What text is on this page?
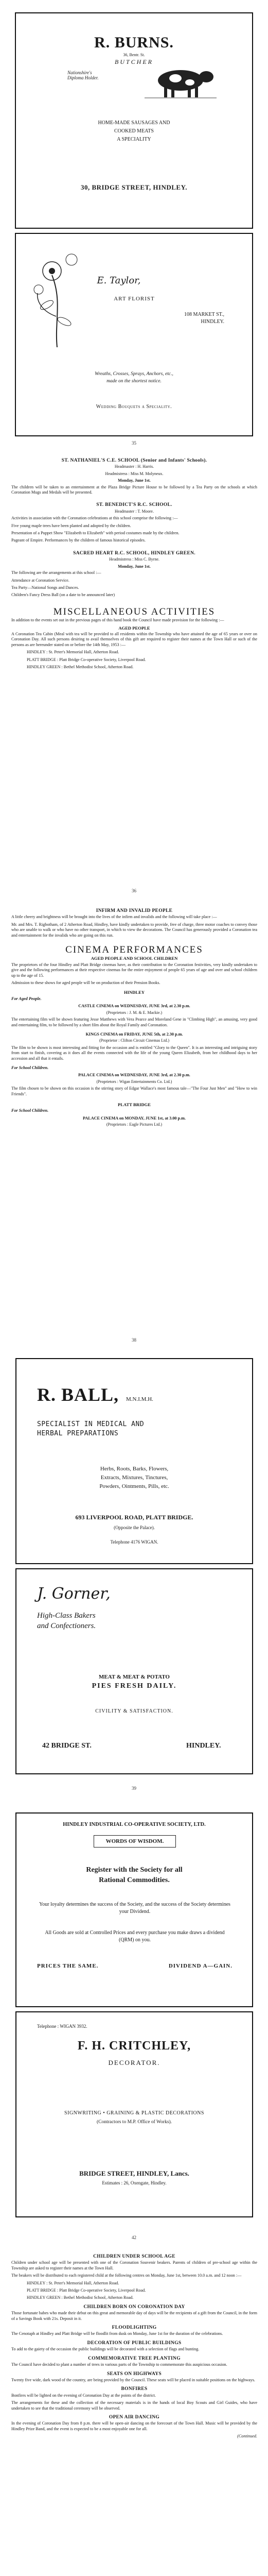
R. BURNS.
36, Bentr. St.
BUTCHER
Nationshire's
Diploma Holder.
HOME-MADE SAUSAGES AND
COOKED MEATS
A SPECIALITY
30, BRIDGE STREET, HINDLEY.
E. Taylor,
ART FLORIST
108 MARKET ST.,
HINDLEY.
Wreaths, Crosses, Sprays, Anchors, etc.,
made on the shortest notice.
Wedding Bouquets a Speciality.
35
ST. NATHANIEL'S C.E. SCHOOL (Senior and Infants' Schools).
Headmaster : H. Harris.
Headmistress : Miss M. Molyneux.
Monday, June 1st.

The children will be taken to an entertainment at the Plaza Bridge Picture House to be followed by a Tea Party on the schools at which Coronation Mugs and Medals will be presented.

ST. BENEDICT'S R.C. SCHOOL.
Headmaster : T. Moore.

Activities in association with the Coronation celebrations at this school comprise the following :—

Five young maple trees have been planted and adopted by the children.

Presentation of a Puppet Show "Elizabeth to Elizabeth" with period costumes made by the children.

Pageant of Empire. Performances by the children of famous historical episodes.

SACRED HEART R.C. SCHOOL, HINDLEY GREEN.
Headmistress : Miss C. Byrne.
Monday, June 1st.

The following are the arrangements at this school :—

Attendance at Coronation Service.

Tea Party—National Songs and Dances.

Children's Fancy Dress Ball (on a date to be announced later)

MISCELLANEOUS ACTIVITIES

In addition to the events set out in the previous pages of this hand book the Council have made provision for the following :—

AGED PEOPLE

A Coronation Tea Cabin (Meal with tea will be provided to all residents within the Township who have attained the age of 65 years or over on Coronation Day. All such persons desiring to avail themselves of this gift are required to register their names at the Town Hall or such of the persons as are hereunder stated on or before the 14th May, 1953 :—

HINDLEY : St. Peter's Memorial Hall, Atherton Road.

PLATT BRIDGE : Platt Bridge Co-operative Society, Liverpool Road.

HINDLEY GREEN : Bethel Methodist School, Atherton Road.

36
INFIRM AND INVALID PEOPLE

A little cheery and brightness will be brought into the lives of the infirm and invalids and the following will take place :—

Mr. and Mrs. T. Rigbotham, of 2 Atherton Road, Hindley, have kindly undertaken to provide, free of charge, three motor coaches to convey those who are unable to walk or who have no other transport, in which to view the decorations. The Council has generously provided a Coronation tea and entertainment for the invalids who are going on this run.

CINEMA PERFORMANCES
AGED PEOPLE AND SCHOOL CHILDREN

The proprietors of the four Hindley and Platt Bridge cinemas have, as their contribution to the Coronation festivities, very kindly undertaken to give and the following performances at their respective cinemas for the entire enjoyment of people 65 years of age and over and school children up to the age of 15.

Admission to these shows for aged people will be on production of their Pension Books.

HINDLEY

For Aged People.

CASTLE CINEMA on WEDNESDAY, JUNE 3rd, at 2.30 p.m.
(Proprietors : J. M. & E. Mackie.)

The entertaining film will be shown featuring Jesse Matthews with Vera Pearce and Moreland Gene in "Climbing High", an amusing, very good and entertaining film, to be followed by a short film about the Royal Family and Coronation.

KINGS CINEMA on FRIDAY, JUNE 5th, at 2.30 p.m.
(Proprietor : Clifton Circuit Cinemas Ltd.)

The film to be shown is most interesting and fitting for the occasion and is entitled "Glory to the Queen". It is an interesting and intriguing story from start to finish, covering as it does all the events connected with the life of the young Queen Elizabeth, from her childhood days to her accession and all that it entails.

For School Children.

PALACE CINEMA on WEDNESDAY, JUNE 3rd, at 2.30 p.m.
(Proprietors : Wigan Entertainments Co. Ltd.)

The film chosen to be shown on this occasion is the stirring story of Edgar Wallace's most famous tale—"The Four Just Men" and "How to win Friends".

PLATT BRIDGE

For School Children.

PALACE CINEMA on MONDAY, JUNE 1st, at 3.00 p.m.
(Proprietors : Eagle Pictures Ltd.)
38
R. BALL, M.N.I.M.H.
SPECIALIST IN MEDICAL AND
HERBAL PREPARATIONS
Herbs, Roots, Barks, Flowers,
Extracts, Mixtures, Tinctures,
Powders, Ointments, Pills, etc.
693 LIVERPOOL ROAD, PLATT BRIDGE.
(Opposite the Palace).
Telephone 4176 WIGAN.
J. Gorner,
High-Class Bakers
and Confectioners.
MEAT & MEAT & POTATO
PIES FRESH DAILY.
CIVILITY & SATISFACTION.
42 BRIDGE ST.	HINDLEY.
39
HINDLEY INDUSTRIAL CO-OPERATIVE SOCIETY, LTD.
WORDS OF WISDOM.
Register with the Society for all
Rational Commodities.
Your loyalty determines the success of the Society, and the success of the Society determines your Dividend.
All Goods are sold at Controlled Prices and every purchase you make draws a dividend (QRM) on you.
PRICES THE SAME.	DIVIDEND A—GAIN.
Telephone : WIGAN 3932.
F. H. CRITCHLEY,
DECORATOR.
SIGNWRITING • GRAINING & PLASTIC DECORATIONS
(Contractors to M.P. Office of Works).
BRIDGE STREET, HINDLEY, Lancs.
Estimates : 26, Oxengate, Hindley.
42
CHILDREN UNDER SCHOOL AGE

Children under school age will be presented with one of the Coronation Souvenir beakers. Parents of children of pre-school age within the Township are asked to register their names at the Town Hall.

The beakers will be distributed to each registered child at the following centres on Monday, June 1st, between 10.0 a.m. and 12 noon :—

HINDLEY : St. Peter's Memorial Hall, Atherton Road.

PLATT BRIDGE : Platt Bridge Co-operative Society, Liverpool Road.

HINDLEY GREEN : Bethel Methodist School, Atherton Road.

CHILDREN BORN ON CORONATION DAY

Those fortunate babes who made their debut on this great and memorable day of days will be the recipients of a gift from the Council, in the form of a Savings Book with 21s. Deposit in it.

FLOODLIGHTING

The Cenotaph at Hindley and Platt Bridge will be floodlit from dusk on Monday, June 1st for the duration of the celebrations.

DECORATION OF PUBLIC BUILDINGS

To add to the gaiety of the occasion the public buildings will be decorated with a selection of flags and bunting.

COMMEMORATIVE TREE PLANTING

The Council have decided to plant a number of trees in various parts of the Township to commemorate this auspicious occasion.

SEATS ON HIGHWAYS

Twenty five wide, dark wood of the country, are being provided by the Council. These seats will be placed in suitable positions on the highways.

BONFIRES

Bonfires will be lighted on the evening of Coronation Day at the points of the district.

The arrangements for these and the collection of the necessary materials is in the hands of local Boy Scouts and Girl Guides, who have undertaken to see that the traditional ceremony will be observed.

OPEN AIR DANCING

In the evening of Coronation Day from 8 p.m. there will be open-air dancing on the forecourt of the Town Hall. Music will be provided by the Hindley Prize Band, and the event is expected to be a most enjoyable one for all.

(Continued.
